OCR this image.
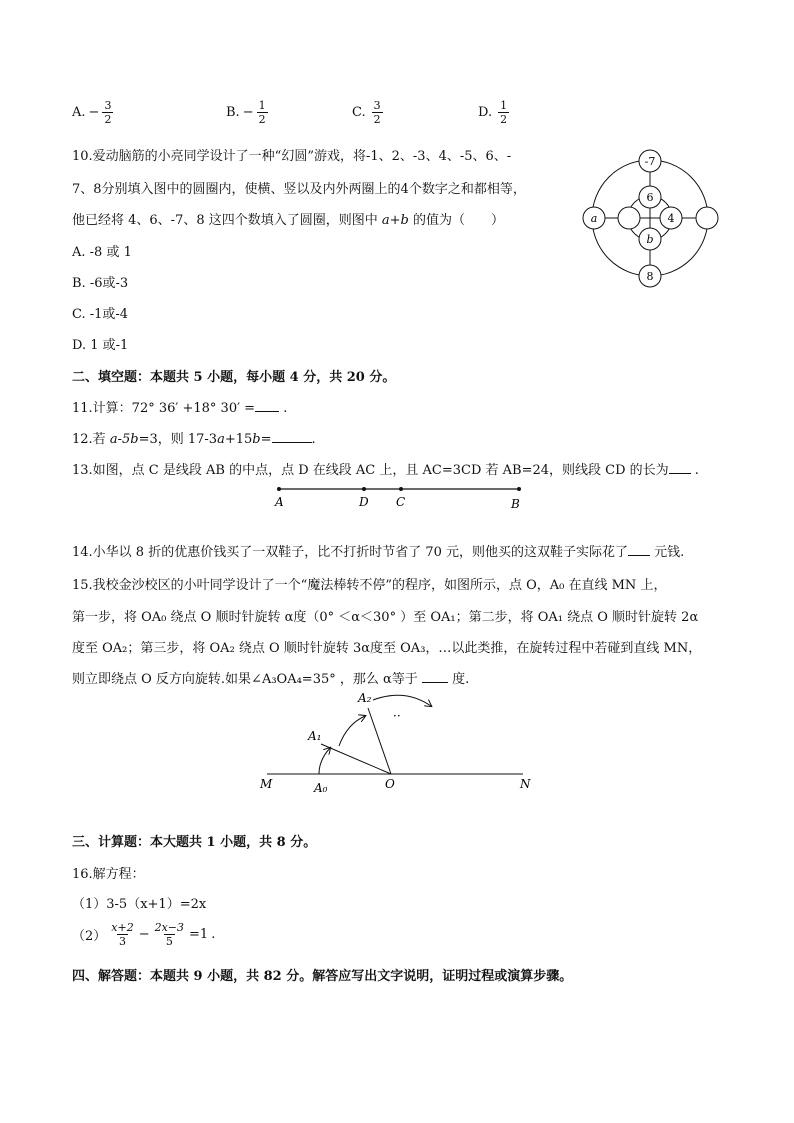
A. − $\frac{3}{2}$	B. − $\frac{1}{2}$	C. $\frac{3}{2}$	D. $\frac{1}{2}$
10.爱动脑筋的小亮同学设计了一种“幻圆”游戏，将-1、2、-3、4、-5、6、-
7、8分别填入图中的圆圈内，使横、竖以及内外两圈上的4个数字之和都相等，
他已经将 4、6、-7、8 这四个数填入了圆圈，则图中 a+b 的值为（　　）
A. -8 或 1
B. -6或-3
C. -1或-4
D. 1 或-1
-7
8
a
6
b
4
二、填空题：本题共 5 小题，每小题 4 分，共 20 分。
11.计算：72° 36′ +18° 30′ = .
12.若 a-5b=3，则 17-3a+15b=	.
13.如图，点 C 是线段 AB 的中点，点 D 在线段 AC 上，且 AC=3CD 若 AB=24，则线段 CD 的长为 .
A	D C	B
14.小华以 8 折的优惠价钱买了一双鞋子，比不打折时节省了 70 元，则他买的这双鞋子实际花了 元钱.
15.我校金沙校区的小叶同学设计了一个“魔法棒转不停”的程序，如图所示，点 O，A₀ 在直线 MN 上，
第一步，将 OA₀ 绕点 O 顺时针旋转 α度（0° ＜α＜30° ）至 OA₁；第二步，将 OA₁ 绕点 O 顺时针旋转 2α
度至 OA₂；第三步，将 OA₂ 绕点 O 顺时针旋转 3α度至 OA₃，…以此类推，在旋转过程中若碰到直线 MN，
则立即绕点 O 反方向旋转.如果∠A₃OA₄=35° ，那么 α等于  度.
··
M	N
O
A₀
A₁
A₂
三、计算题：本大题共 1 小题，共 8 分。
16.解方程：
（1）3-5（x+1）=2x
$(2) \frac{x+2}{3} - \frac{2x-3}{5} =1$ .
四、解答题：本题共 9 小题，共 82 分。解答应写出文字说明，证明过程或演算步骤。
